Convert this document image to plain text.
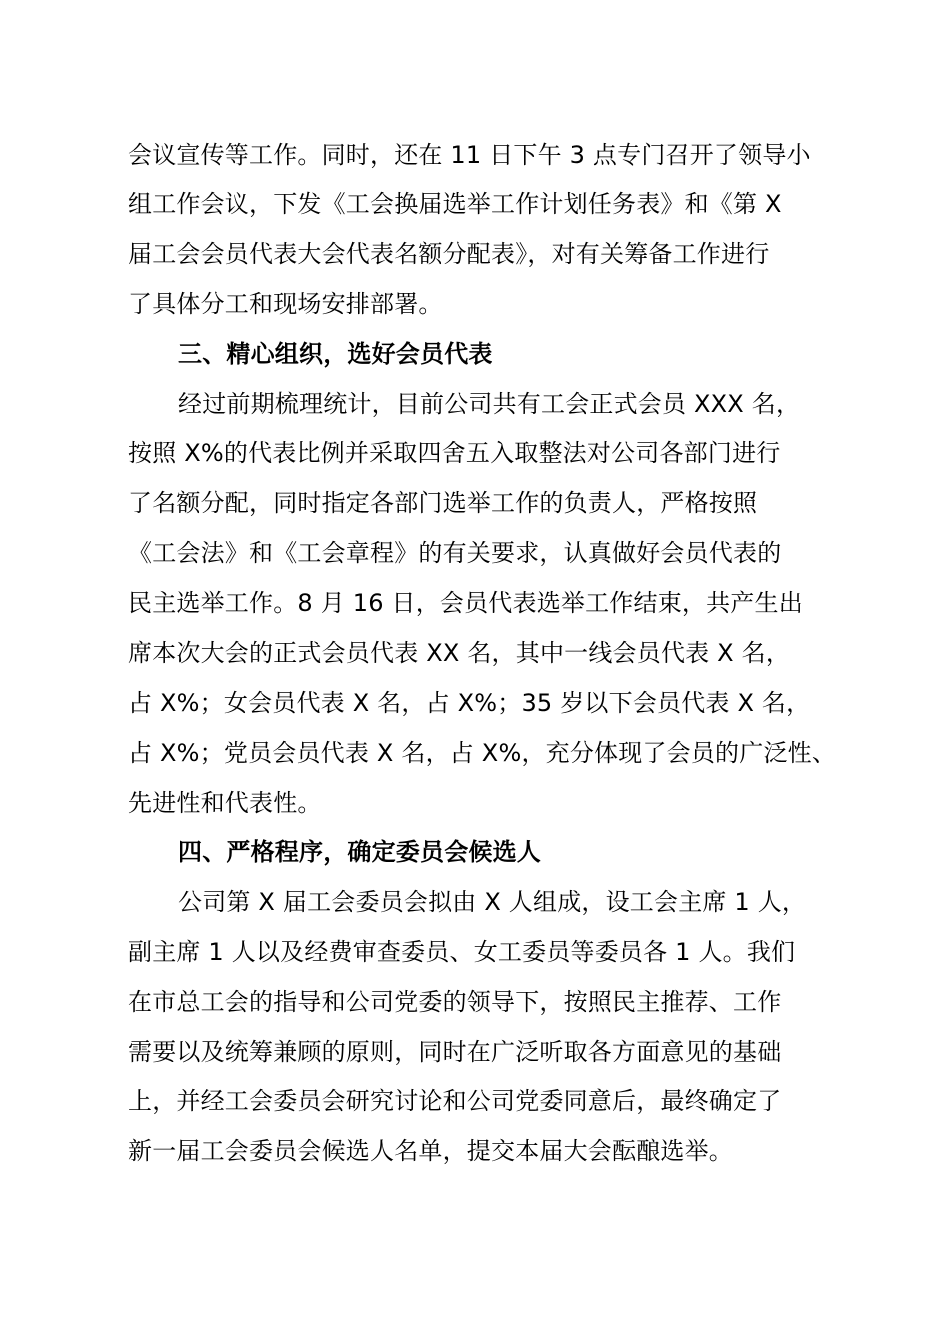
会议宣传等工作。同时，还在 11 日下午 3 点专门召开了领导小
组工作会议，下发《工会换届选举工作计划任务表》和《第 X
届工会会员代表大会代表名额分配表》，对有关筹备工作进行
了具体分工和现场安排部署。
三、精心组织，选好会员代表
经过前期梳理统计，目前公司共有工会正式会员 XXX 名，
按照 X%的代表比例并采取四舍五入取整法对公司各部门进行
了名额分配，同时指定各部门选举工作的负责人，严格按照
《工会法》和《工会章程》的有关要求，认真做好会员代表的
民主选举工作。8 月 16 日，会员代表选举工作结束，共产生出
席本次大会的正式会员代表 XX 名，其中一线会员代表 X 名，
占 X%；女会员代表 X 名，占 X%；35 岁以下会员代表 X 名，
占 X%；党员会员代表 X 名，占 X%，充分体现了会员的广泛性、
先进性和代表性。
四、严格程序，确定委员会候选人
公司第 X 届工会委员会拟由 X 人组成，设工会主席 1 人，
副主席 1 人以及经费审查委员、女工委员等委员各 1 人。我们
在市总工会的指导和公司党委的领导下，按照民主推荐、工作
需要以及统筹兼顾的原则，同时在广泛听取各方面意见的基础
上，并经工会委员会研究讨论和公司党委同意后，最终确定了
新一届工会委员会候选人名单，提交本届大会酝酿选举。
